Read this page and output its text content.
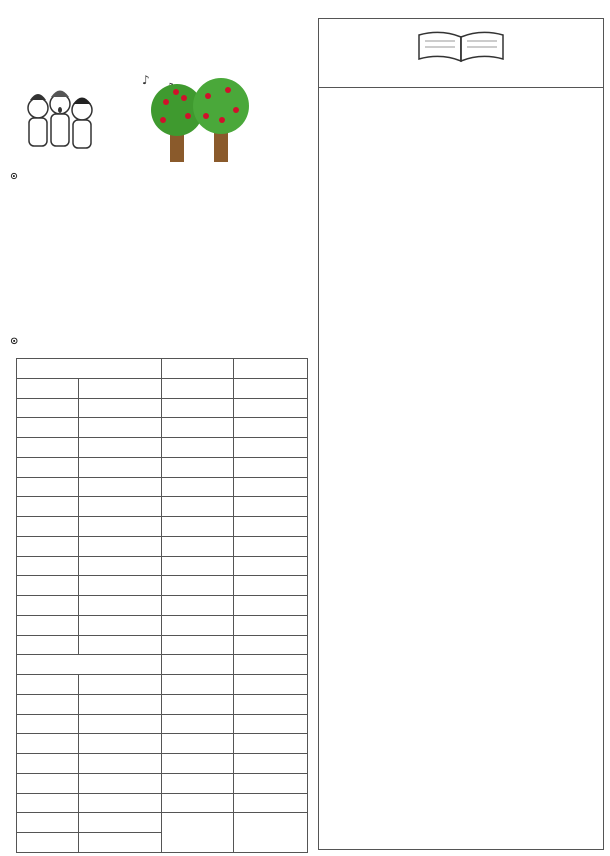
♪
⊙
⊙
